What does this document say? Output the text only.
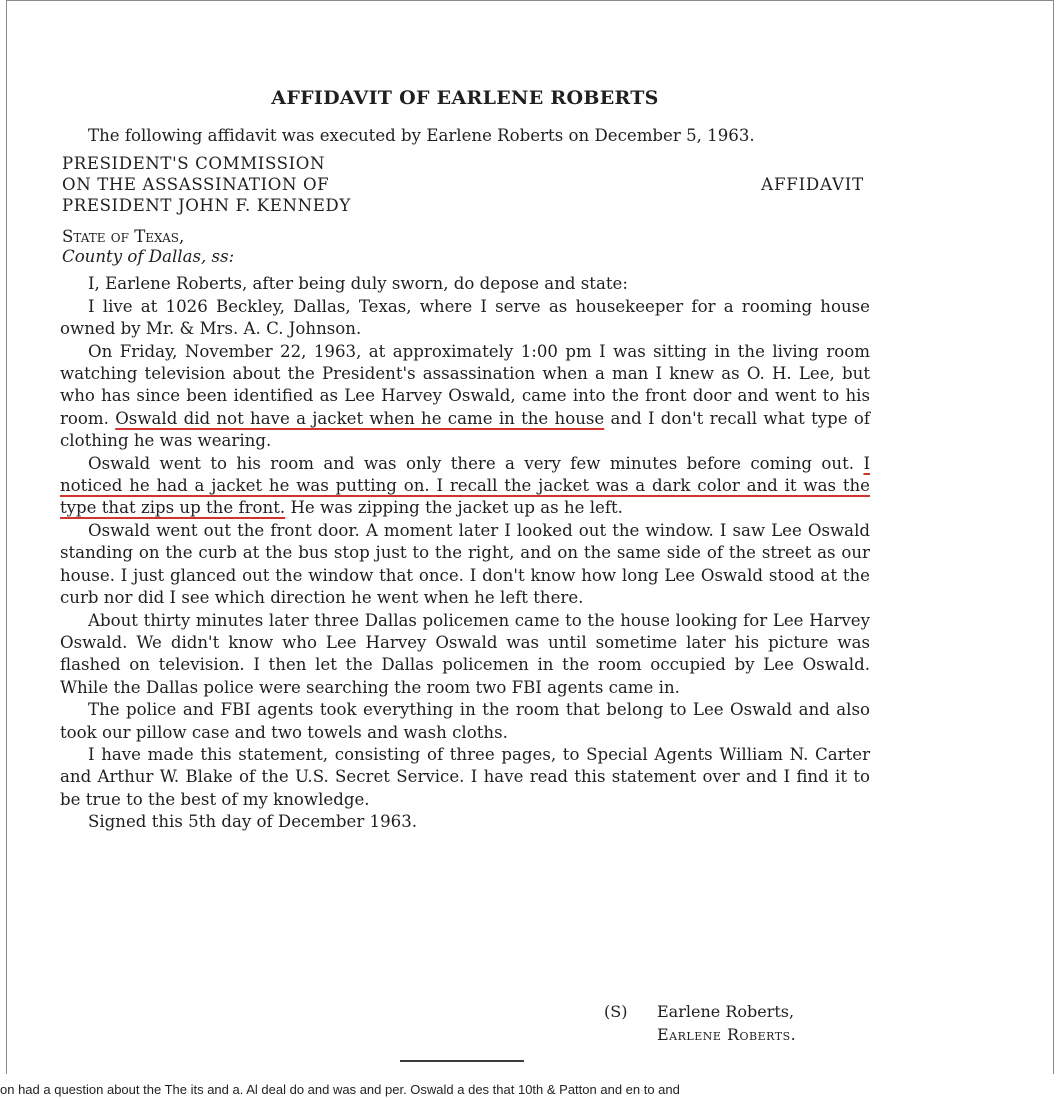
AFFIDAVIT OF EARLENE ROBERTS

The following affidavit was executed by Earlene Roberts on December 5, 1963.

PRESIDENT'S COMMISSION
ON THE ASSASSINATION OF
PRESIDENT JOHN F. KENNEDY
AFFIDAVIT
State of Texas,
County of Dallas, ss:

I, Earlene Roberts, after being duly sworn, do depose and state:

I live at 1026 Beckley, Dallas, Texas, where I serve as housekeeper for a rooming house owned by Mr. & Mrs. A. C. Johnson.

On Friday, November 22, 1963, at approximately 1:00 pm I was sitting in the living room watching television about the President's assassination when a man I knew as O. H. Lee, but who has since been identified as Lee Harvey Oswald, came into the front door and went to his room. Oswald did not have a jacket when he came in the house and I don't recall what type of clothing he was wearing.

Oswald went to his room and was only there a very few minutes before coming out. I noticed he had a jacket he was putting on. I recall the jacket was a dark color and it was the type that zips up the front. He was zipping the jacket up as he left.

Oswald went out the front door. A moment later I looked out the window. I saw Lee Oswald standing on the curb at the bus stop just to the right, and on the same side of the street as our house. I just glanced out the window that once. I don't know how long Lee Oswald stood at the curb nor did I see which direction he went when he left there.

About thirty minutes later three Dallas policemen came to the house looking for Lee Harvey Oswald. We didn't know who Lee Harvey Oswald was until sometime later his picture was flashed on television. I then let the Dallas policemen in the room occupied by Lee Oswald. While the Dallas police were searching the room two FBI agents came in.

The police and FBI agents took everything in the room that belong to Lee Oswald and also took our pillow case and two towels and wash cloths.

I have made this statement, consisting of three pages, to Special Agents William N. Carter and Arthur W. Blake of the U.S. Secret Service. I have read this statement over and I find it to be true to the best of my knowledge.

Signed this 5th day of December 1963.

(S)	Earlene Roberts,
Earlene Roberts.
on had a question about the The its and a. Al deal do and was and per. Oswald a des that 10th & Patton and en to and
